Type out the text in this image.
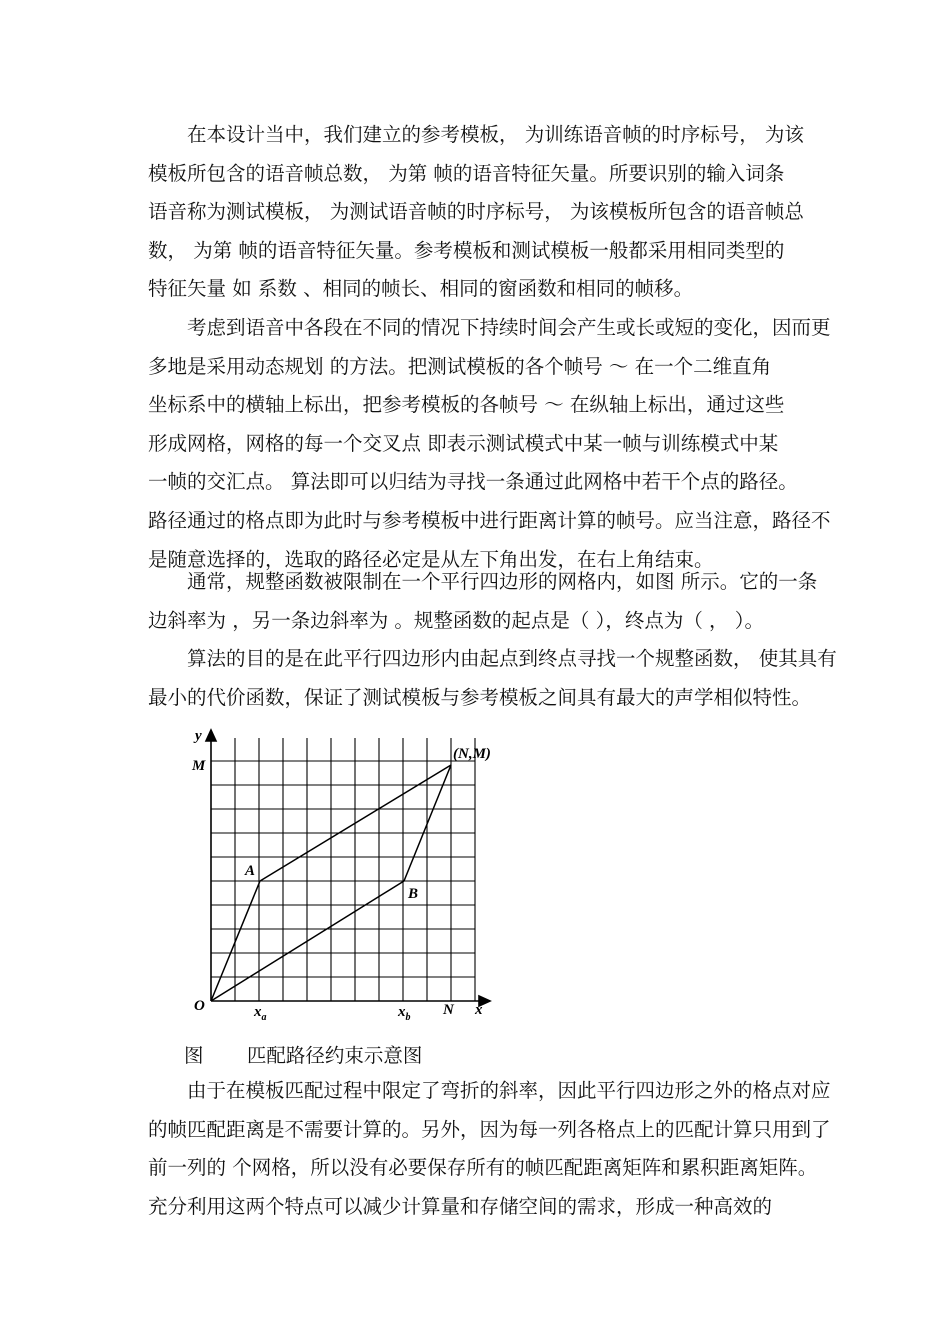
在本设计当中，我们建立的参考模板， 为训练语音帧的时序标号， 为该
模板所包含的语音帧总数， 为第 帧的语音特征矢量。所要识别的输入词条
语音称为测试模板， 为测试语音帧的时序标号， 为该模板所包含的语音帧总
数， 为第 帧的语音特征矢量。参考模板和测试模板一般都采用相同类型的
特征矢量 如 系数 、相同的帧长、相同的窗函数和相同的帧移。
考虑到语音中各段在不同的情况下持续时间会产生或长或短的变化，因而更
多地是采用动态规划 的方法。把测试模板的各个帧号 ～ 在一个二维直角
坐标系中的横轴上标出，把参考模板的各帧号 ～ 在纵轴上标出，通过这些
形成网格，网格的每一个交叉点 即表示测试模式中某一帧与训练模式中某
一帧的交汇点。 算法即可以归结为寻找一条通过此网格中若干个点的路径。
路径通过的格点即为此时与参考模板中进行距离计算的帧号。应当注意，路径不
是随意选择的，选取的路径必定是从左下角出发，在右上角结束。
通常，规整函数被限制在一个平行四边形的网格内，如图 所示。它的一条
边斜率为 ，另一条边斜率为 。规整函数的起点是（ ），终点为（ ， ）。
算法的目的是在此平行四边形内由起点到终点寻找一个规整函数， 使其具有
最小的代价函数，保证了测试模板与参考模板之间具有最大的声学相似特性。
y
M
(N,M)
A
B
O	N x
$x_a$	$x_b$
图       匹配路径约束示意图
由于在模板匹配过程中限定了弯折的斜率，因此平行四边形之外的格点对应
的帧匹配距离是不需要计算的。另外，因为每一列各格点上的匹配计算只用到了
前一列的 个网格，所以没有必要保存所有的帧匹配距离矩阵和累积距离矩阵。
充分利用这两个特点可以减少计算量和存储空间的需求，形成一种高效的
